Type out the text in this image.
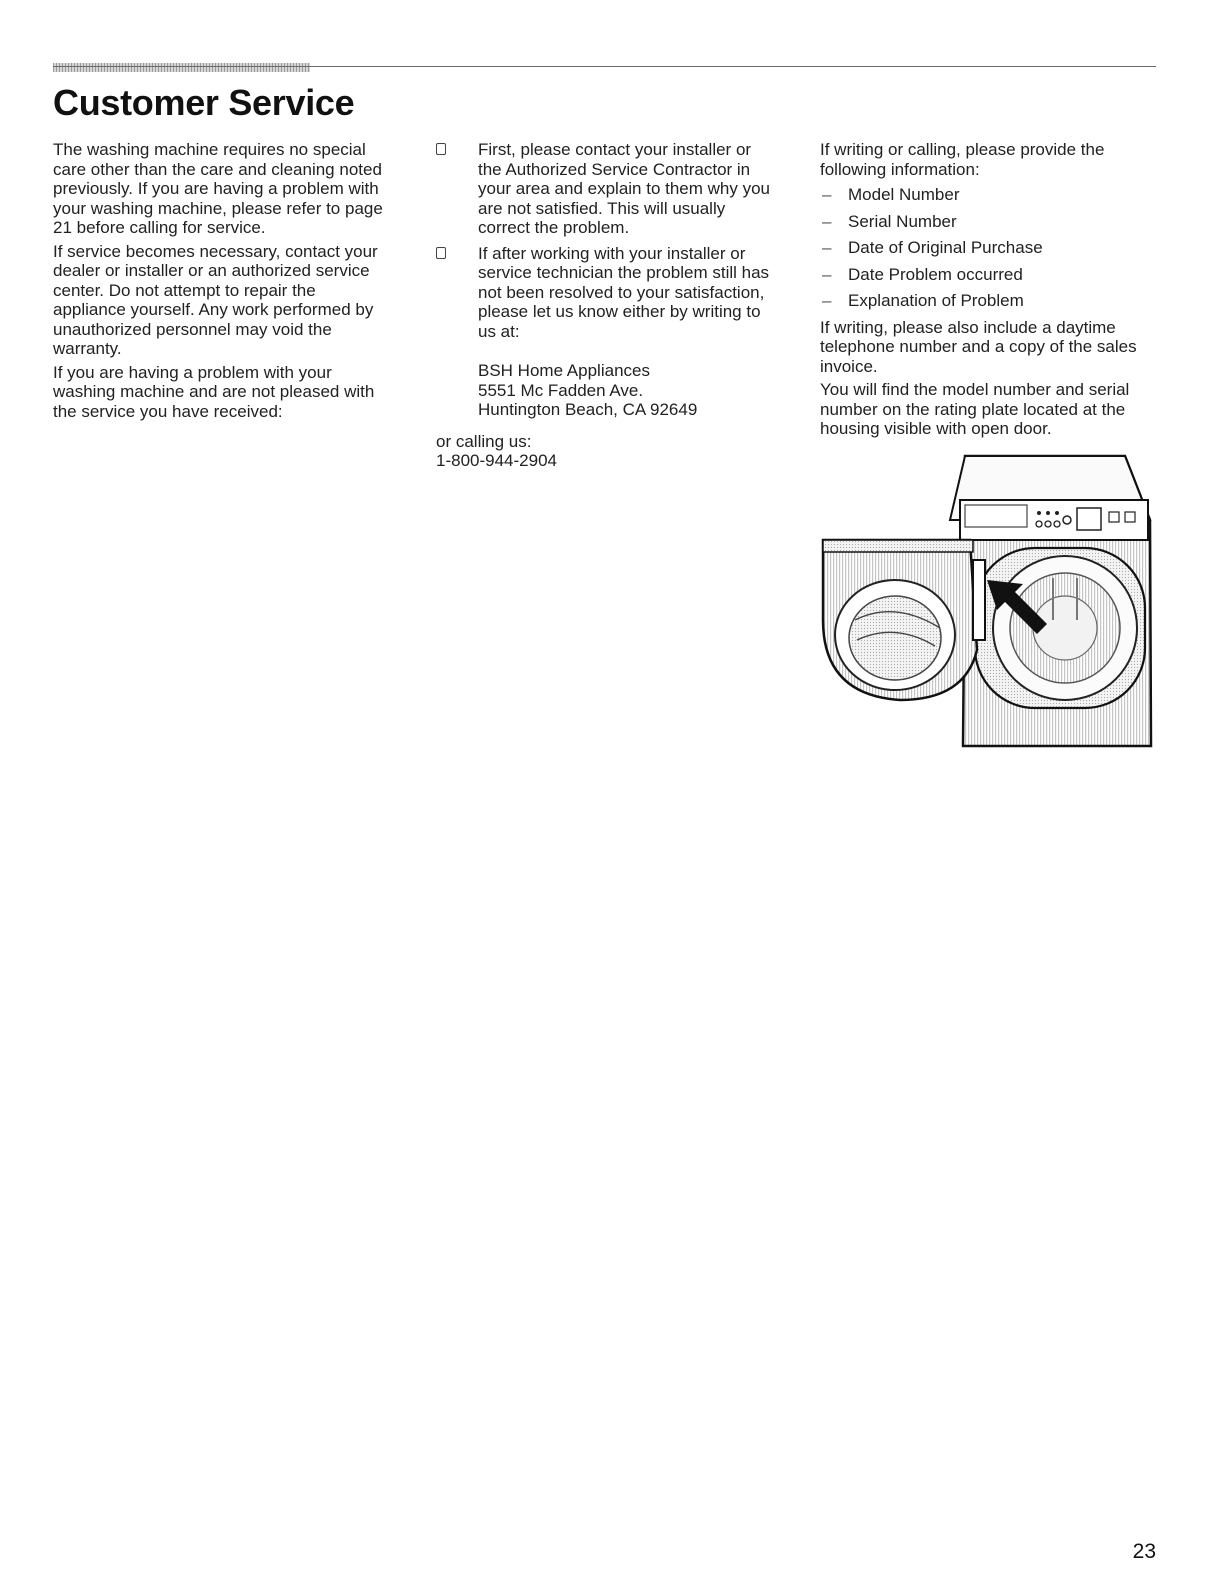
Customer Service

The washing machine requires no special care other than the care and cleaning noted previously. If you are having a problem with your washing machine, please refer to page 21 before calling for service.

If service becomes necessary, contact your dealer or installer or an authorized service center. Do not attempt to repair the appliance yourself. Any work performed by unauthorized personnel may void the warranty.

If you are having a problem with your washing machine and are not pleased with the service you have received:

First, please contact your installer or the Authorized Service Contractor in your area and explain to them why you are not satisfied. This will usually correct the problem.
If after working with your installer or service technician the problem still has not been resolved to your satisfaction, please let us know either by writing to us at:
BSH Home Appliances
5551 Mc Fadden Ave.
Huntington Beach, CA 92649
or calling us:
1-800-944-2904

If writing or calling, please provide the following information:

– Model Number
– Serial Number
– Date of Original Purchase
– Date Problem occurred
– Explanation of Problem

If writing, please also include a daytime telephone number and a copy of the sales invoice.

You will find the model number and serial number on the rating plate located at the housing visible with open door.

23
